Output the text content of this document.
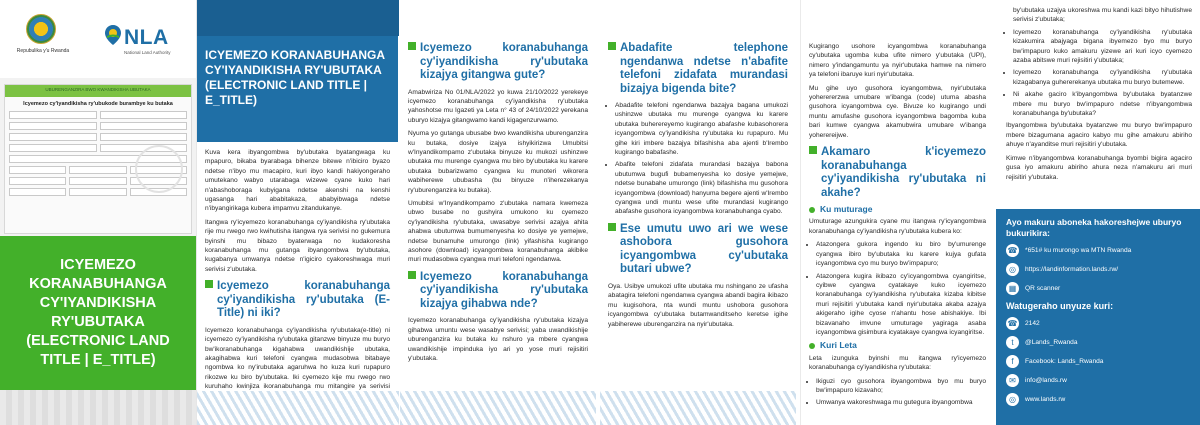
Repubulika y'u Rwanda
NLA
National Land Authority
UBURENGANZIRA BWO KWANDIKISHA UBUTAKA
Icyemezo cy'iyandikisha ry'ubukode burambye ku butaka
ICYEMEZO KORANABUHANGA CY'IYANDIKISHA RY'UBUTAKA (ELECTRONIC LAND TITLE | E_TITLE)
ICYEMEZO KORANABUHANGA CY'IYANDIKISHA RY'UBUTAKA (ELECTRONIC LAND TITLE | E_TITLE)

Kuva kera ibyangombwa by'ubutaka byatangwaga ku mpapuro, bikaba byarabaga bihenze bitewe n'ibiciro byazo ndetse n'ibyo mu macapiro, kuri ibyo kandi hakiyongeraho umutekano wabyo utarabaga wizewe cyane kuko hari n'abashoboraga kubyigana ndetse akenshi na kenshi ugasanga hari ababitakaza, ababyibwaga ndetse n'ibyangirikaga kubera impamvu zitandukanye.

Itangwa ry'icyemezo koranabuhanga cy'iyandikisha ry'ubutaka rije mu rwego rwo kwihutisha itangwa rya serivisi no gukemura byinshi mu bibazo byaterwaga no kudakoresha koranabuhanga mu gutanga ibyangombwa by'ubutaka, kugabanya umwanya ndetse n'igiciro cyakoreshwaga muri serivisi z'ubutaka.

Icyemezo koranabuhanga cy'iyandikisha ry'ubutaka (E-Title) ni iki?

Icyemezo koranabuhanga cy'iyandikisha ry'ubutaka(e-title) ni icyemezo cy'iyandikisha ry'ubutaka gitanzwe binyuze mu buryo bw'ikoranabuhanga kigahabwa uwandikishije ubutaka, akagihabwa kuri telefoni cyangwa mudasobwa bitabaye ngombwa ko ny'irubutaka agaruhwa ho kuza kuri rupapuro rikozwe ku biro by'ubutaka. Iki cyemezo kije mu rwego rwo kuruhaho kwinjiza ikoranabuhanga mu mitangire ya serivisi

Icyemezo koranabuhanga cy'iyandikisha ry'ubutaka kizajya gitangwa gute?

Amabwiriza No 01/NLA/2022 yo kuwa 21/10/2022 yerekeye icyemezo koranabuhanga cy'iyandikisha ry'ubutaka yahoshotse mu Igazeti ya Leta n° 43 of 24/10/2022 yerekana uburyo kizajya gitangwamo kandi kigagenzurwamo.

Nyuma yo gutanga ubusabe bwo kwandikisha uburenganzira ku butaka, dosiye izajya ishyikirizwa Umubitsi w'Inyandikompamo z'ubutaka binyuze ku mukozi ushinzwe ubutaka mu murenge cyangwa mu biro by'ubutaka ku karere ubutaka bubarizwamo cyangwa ku munoteri wikorera wabiherewe ububasha (bu binyuze n'iherezekanya ry'uburenganzira ku butaka).

Umubitsi w'Inyandikompamo z'ubutaka namara kwemeza ubwo busabe no gushyira umukono ku cyemezo cy'iyandikisha ry'ubutaka, uwasabye serivisi azajya ahita ahabwa ubutumwa bumumenyesha ko dosiye ye yemejwe, ndetse bunamuhe umurongo (link) yifashisha kugirango asohore (download) icyangombwa koranabuhanga akibike muri mudasobwa cyangwa muri telefoni ngendanwa.

Icyemezo koranabuhanga cy'iyandikisha ry'ubutaka kizajya gihabwa nde?

Icyemezo koranabuhanga cy'iyandikisha ry'ubutaka kizajya gihabwa umuntu wese wasabye serivisi; yaba uwandikishije uburenganzira ku butaka ku nshuro ya mbere cyangwa uwandikishije impinduka iyo ari yo yose muri rejisitiri y'ubutaka.

Abadafite telephone ngendanwa ndetse n'abafite telefoni zidafata murandasi bizajya bigenda bite?
• Abadafite telefoni ngendanwa bazajya bagana umukozi ushinzwe ubutaka mu murenge cyangwa ku karere ubutaka buherereyemo kugirango abafashe kubasohorera icyangombwa cy'iyandikisha ry'ubutaka ku rupapuro. Mu gihe kiri imbere bazajya bifashisha aba ajenti b'Irembo kugirango babafashe.
• Abafite telefoni zidafata murandasi bazajya babona ubutumwa bugufi bubamenyesha ko dosiye yemejwe, ndetse bunabahe umurongo (link) bifashisha mu gusohora icyangombwa (download) hanyuma begere ajenti w'Irembo cyangwa undi muntu wese ufite murandasi kugirango abafashe gusohora icyangombwa koranabuhanga cyabo.
Ese umutu uwo ari we wese ashobora gusohora icyangombwa cy'ubutaka butari ubwe?

Oya. Usibye umukozi ufite ubutaka mu nshingano ze ufasha abatagira telefoni ngendanwa cyangwa abandi bagira ikibazo mu kugisohora, nta wundi muntu ushobora gusohora icyangombwa cy'ubutaka butamwanditseho keretse igihe yabiherewe uburenganzira na nyir'ubutaka.

Kugirango usohore icyangombwa koranabuhanga cy'ubutaka ugomba kuba ufite nimero y'ubutaka (UPI), nimero y'indangamuntu ya nyir'ubutaka hamwe na nimero ya telefoni ibaruye kuri nyir'ubutaka.

Mu gihe uyo gusohora icyangombwa, nyir'ubutaka yoherererzwa umubare w'ibanga (code) utuma abasha gusohora icyangombwa cye. Bivuze ko kugirango undi muntu amufashe gusohora icyangombwa bagomba kuba bari kumwe cyangwa akamubwira umubare w'ibanga yoherereijwe.

Akamaro k'icyemezo koranabuhanga cy'iyandikisha ry'ubutaka ni akahe?
Ku muturage

Umuturage azungukira cyane mu itangwa ry'icyangombwa koranabuhanga cy'iyandikisha ry'ubutaka kubera ko:

• Atazongera gukora ingendo ku biro by'umurenge cyangwa ibiro by'ubutaka ku karere kujya gufata icyangombwa cyo mu buryo bw'impapuro;
• Atazongera kugira ikibazo cy'icyangombwa cyangiritse, cyibwe cyangwa cyatakaye kuko icyemezo koranabuhanga cy'iyandikisha ry'ubutaka kizaba kibitse muri rejisitiri y'ubutaka kandi nyir'ubutaka akaba azajya akigeraho igihe cyose n'ahantu hose abishakiye. Ibi bizavanaho imvune umuturage yagiraga asaba icyangombwa gisimbura icyatakaye cyangwa icyangiritse.
Kuri Leta

Leta izunguka byinshi mu itangwa ry'icyemezo koranabuhanga cy'iyandikisha ry'ubutaka:

• Ikiguzi cyo gusohora ibyangombwa byo mu buryo bw'impapuro kizavaho;
• Umwanya wakoreshwaga mu gutegura ibyangombwa
by'ubutaka uzajya ukoreshwa mu kandi kazi bityo hihutishwe serivisi z'ubutaka;
• Icyemezo koranabuhanga cy'iyandikisha ry'ubutaka kizakumira abajyaga bigana ibyemezo byo mu buryo bw'impapuro kuko amakuru yizewe ari kuri icyo cyemezo azaba abitswe muri rejisitiri y'ubutaka;
• Icyemezo koranabuhanga cy'iyandikisha ry'ubutaka kizagabanya guhererekanya ubutaka mu buryo butemewe.
• Ni akahe gaciro k'ibyangombwa by'ubutaka byatanzwe mbere mu buryo bw'impapuro ndetse n'ibyangombwa koranabuhanga by'ubutaka?

Ibyangombwa by'ubutaka byatanzwe mu buryo bw'impapuro mbere bizagumana agaciro kabyo mu gihe amakuru abiriho ahuye n'ayanditse muri rejisitiri y'ubutaka.

Kimwe n'ibyangombwa koranabuhanga byombi bigira agaciro gusa iyo amakuru abiriho ahura neza n'amakuru ari muri rejisitiri y'ubutaka.

Ayo makuru aboneka hakoreshejwe uburyo bukurikira:
☎ *651# ku murongo wa MTN Rwanda
◎	https://landinformation.lands.rw/
▦	QR scanner
Watugeraho unyuze kuri:
☎ 2142
t	@Lands_Rwanda
f	Facebook: Lands_Rwanda
✉	info@lands.rw
◎	www.lands.rw
